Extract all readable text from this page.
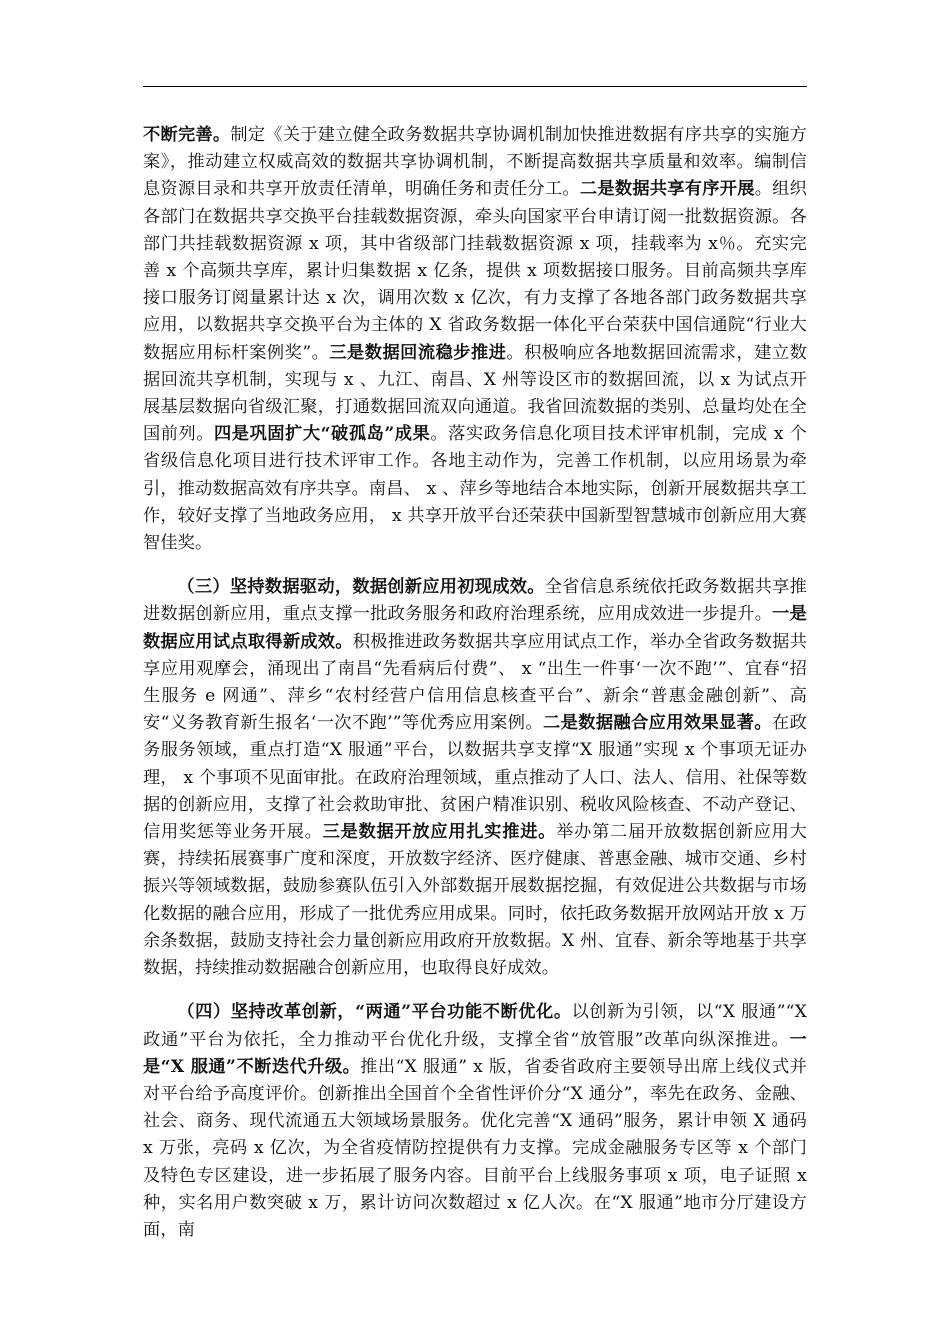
不断完善。制定《关于建立健全政务数据共享协调机制加快推进数据有序共享的实施方案》，推动建立权威高效的数据共享协调机制，不断提高数据共享质量和效率。编制信息资源目录和共享开放责任清单，明确任务和责任分工。二是数据共享有序开展。组织各部门在数据共享交换平台挂载数据资源，牵头向国家平台申请订阅一批数据资源。各部门共挂载数据资源 x 项，其中省级部门挂载数据资源 x 项，挂载率为 x％。充实完善 x 个高频共享库，累计归集数据 x 亿条，提供 x 项数据接口服务。目前高频共享库接口服务订阅量累计达 x 次，调用次数 x 亿次，有力支撑了各地各部门政务数据共享应用，以数据共享交换平台为主体的 X 省政务数据一体化平台荣获中国信通院“行业大数据应用标杆案例奖”。三是数据回流稳步推进。积极响应各地数据回流需求，建立数据回流共享机制，实现与 x 、九江、南昌、X 州等设区市的数据回流，以 x 为试点开展基层数据向省级汇聚，打通数据回流双向通道。我省回流数据的类别、总量均处在全国前列。四是巩固扩大“破孤岛”成果。落实政务信息化项目技术评审机制，完成 x 个省级信息化项目进行技术评审工作。各地主动作为，完善工作机制，以应用场景为牵引，推动数据高效有序共享。南昌、 x 、萍乡等地结合本地实际，创新开展数据共享工作，较好支撑了当地政务应用， x 共享开放平台还荣获中国新型智慧城市创新应用大赛智佳奖。

（三）坚持数据驱动，数据创新应用初现成效。全省信息系统依托政务数据共享推进数据创新应用，重点支撑一批政务服务和政府治理系统，应用成效进一步提升。一是数据应用试点取得新成效。积极推进政务数据共享应用试点工作，举办全省政务数据共享应用观摩会，涌现出了南昌“先看病后付费”、 x “出生一件事‘一次不跑’”、宜春“招生服务 e 网通”、萍乡“农村经营户信用信息核查平台”、新余“普惠金融创新”、高安“义务教育新生报名‘一次不跑’”等优秀应用案例。二是数据融合应用效果显著。在政务服务领域，重点打造“X 服通”平台，以数据共享支撑“X 服通”实现 x 个事项无证办理， x 个事项不见面审批。在政府治理领域，重点推动了人口、法人、信用、社保等数据的创新应用，支撑了社会救助审批、贫困户精准识别、税收风险核查、不动产登记、信用奖惩等业务开展。三是数据开放应用扎实推进。举办第二届开放数据创新应用大赛，持续拓展赛事广度和深度，开放数字经济、医疗健康、普惠金融、城市交通、乡村振兴等领域数据，鼓励参赛队伍引入外部数据开展数据挖掘，有效促进公共数据与市场化数据的融合应用，形成了一批优秀应用成果。同时，依托政务数据开放网站开放 x 万余条数据，鼓励支持社会力量创新应用政府开放数据。X 州、宜春、新余等地基于共享数据，持续推动数据融合创新应用，也取得良好成效。

（四）坚持改革创新，“两通”平台功能不断优化。以创新为引领，以“X 服通”“X 政通”平台为依托，全力推动平台优化升级，支撑全省“放管服”改革向纵深推进。一是“X 服通”不断迭代升级。推出“X 服通” x 版，省委省政府主要领导出席上线仪式并对平台给予高度评价。创新推出全国首个全省性评价分“X 通分”，率先在政务、金融、社会、商务、现代流通五大领域场景服务。优化完善“X 通码”服务，累计申领 X 通码 x 万张，亮码 x 亿次，为全省疫情防控提供有力支撑。完成金融服务专区等 x 个部门及特色专区建设，进一步拓展了服务内容。目前平台上线服务事项 x 项，电子证照 x 种，实名用户数突破 x 万，累计访问次数超过 x 亿人次。在“X 服通”地市分厅建设方面，南
